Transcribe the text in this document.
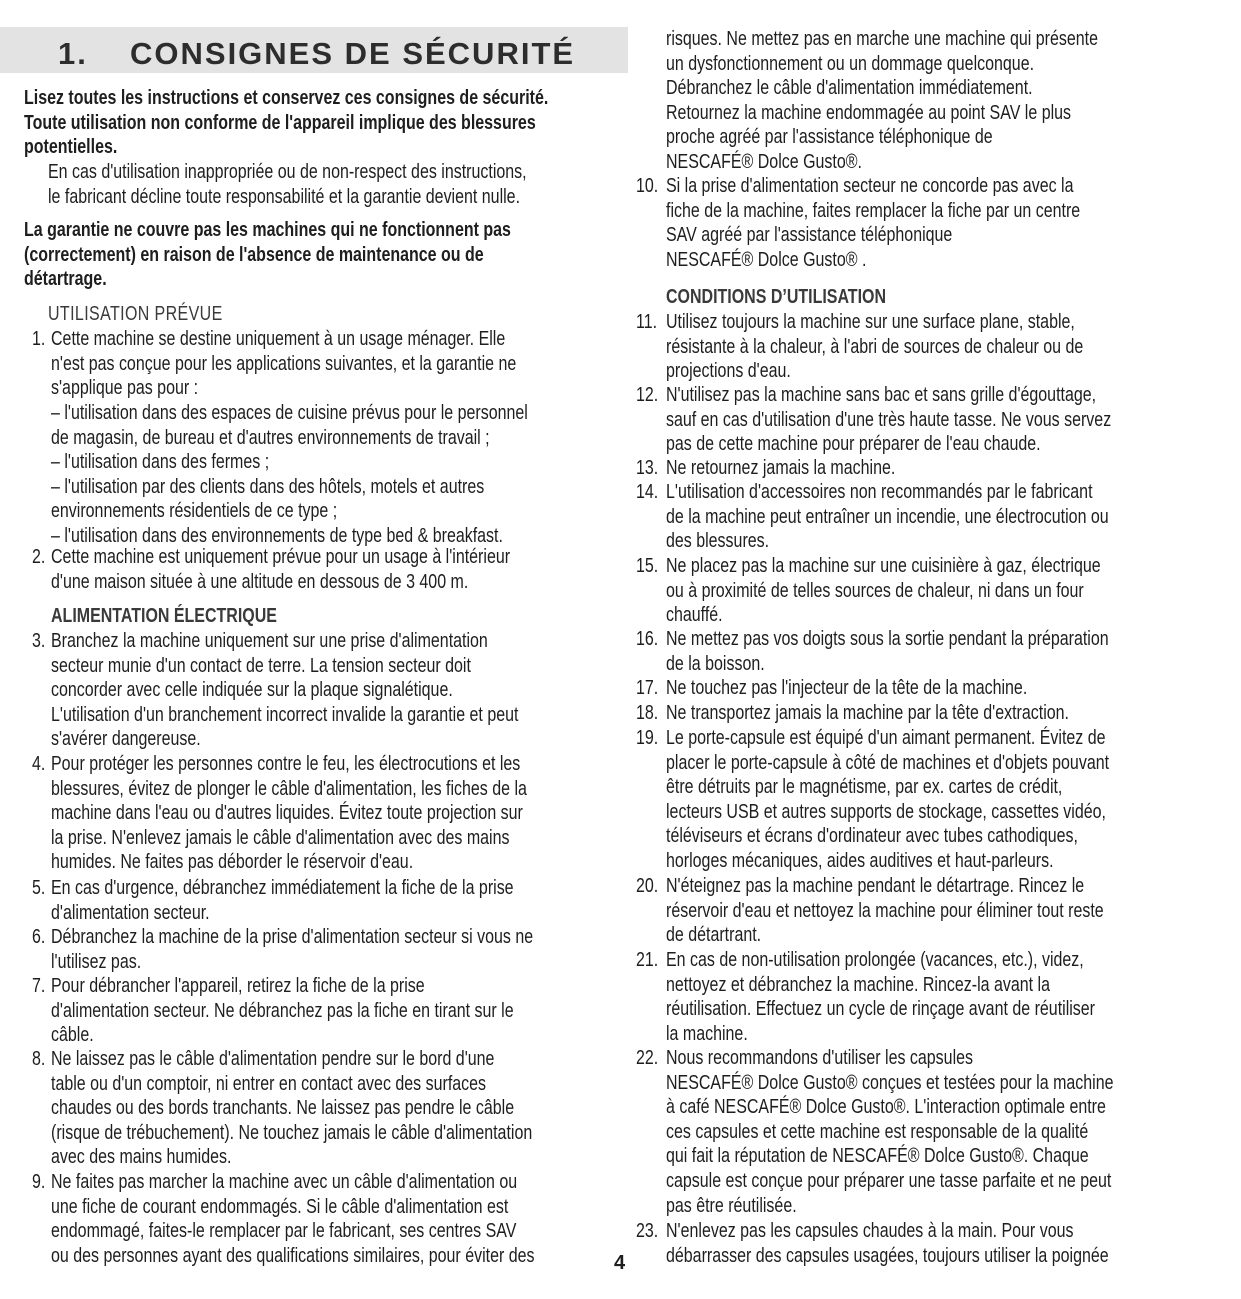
1. CONSIGNES DE SÉCURITÉ
Lisez toutes les instructions et conservez ces consignes de sécurité.
Toute utilisation non conforme de l'appareil implique des blessures
potentielles.
En cas d'utilisation inappropriée ou de non-respect des instructions,
le fabricant décline toute responsabilité et la garantie devient nulle.
La garantie ne couvre pas les machines qui ne fonctionnent pas
(correctement) en raison de l'absence de maintenance ou de
détartrage.
UTILISATION PRÉVUE
1. Cette machine se destine uniquement à un usage ménager. Elle
n'est pas conçue pour les applications suivantes, et la garantie ne
s'applique pas pour :
– l'utilisation dans des espaces de cuisine prévus pour le personnel
de magasin, de bureau et d'autres environnements de travail ;
– l'utilisation dans des fermes ;
– l'utilisation par des clients dans des hôtels, motels et autres
environnements résidentiels de ce type ;
– l'utilisation dans des environnements de type bed & breakfast.
2. Cette machine est uniquement prévue pour un usage à l'intérieur
d'une maison située à une altitude en dessous de 3 400 m.
ALIMENTATION ÉLECTRIQUE
3. Branchez la machine uniquement sur une prise d'alimentation
secteur munie d'un contact de terre. La tension secteur doit
concorder avec celle indiquée sur la plaque signalétique.
L'utilisation d'un branchement incorrect invalide la garantie et peut
s'avérer dangereuse.
4. Pour protéger les personnes contre le feu, les électrocutions et les
blessures, évitez de plonger le câble d'alimentation, les fiches de la
machine dans l'eau ou d'autres liquides. Évitez toute projection sur
la prise. N'enlevez jamais le câble d'alimentation avec des mains
humides. Ne faites pas déborder le réservoir d'eau.
5. En cas d'urgence, débranchez immédiatement la fiche de la prise
d'alimentation secteur.
6. Débranchez la machine de la prise d'alimentation secteur si vous ne
l'utilisez pas.
7. Pour débrancher l'appareil, retirez la fiche de la prise
d'alimentation secteur. Ne débranchez pas la fiche en tirant sur le
câble.
8. Ne laissez pas le câble d'alimentation pendre sur le bord d'une
table ou d'un comptoir, ni entrer en contact avec des surfaces
chaudes ou des bords tranchants. Ne laissez pas pendre le câble
(risque de trébuchement). Ne touchez jamais le câble d'alimentation
avec des mains humides.
9. Ne faites pas marcher la machine avec un câble d'alimentation ou
une fiche de courant endommagés. Si le câble d'alimentation est
endommagé, faites-le remplacer par le fabricant, ses centres SAV
ou des personnes ayant des qualifications similaires, pour éviter des
risques. Ne mettez pas en marche une machine qui présente
un dysfonctionnement ou un dommage quelconque.
Débranchez le câble d'alimentation immédiatement.
Retournez la machine endommagée au point SAV le plus
proche agréé par l'assistance téléphonique de
NESCAFÉ® Dolce Gusto®.
10. Si la prise d'alimentation secteur ne concorde pas avec la
fiche de la machine, faites remplacer la fiche par un centre
SAV agréé par l'assistance téléphonique
NESCAFÉ® Dolce Gusto® .
CONDITIONS D’UTILISATION
11. Utilisez toujours la machine sur une surface plane, stable,
résistante à la chaleur, à l'abri de sources de chaleur ou de
projections d'eau.
12. N'utilisez pas la machine sans bac et sans grille d'égouttage,
sauf en cas d'utilisation d'une très haute tasse. Ne vous servez
pas de cette machine pour préparer de l'eau chaude.
13. Ne retournez jamais la machine.
14. L'utilisation d'accessoires non recommandés par le fabricant
de la machine peut entraîner un incendie, une électrocution ou
des blessures.
15. Ne placez pas la machine sur une cuisinière à gaz, électrique
ou à proximité de telles sources de chaleur, ni dans un four
chauffé.
16. Ne mettez pas vos doigts sous la sortie pendant la préparation
de la boisson.
17. Ne touchez pas l'injecteur de la tête de la machine.
18. Ne transportez jamais la machine par la tête d'extraction.
19. Le porte-capsule est équipé d'un aimant permanent. Évitez de
placer le porte-capsule à côté de machines et d'objets pouvant
être détruits par le magnétisme, par ex. cartes de crédit,
lecteurs USB et autres supports de stockage, cassettes vidéo,
téléviseurs et écrans d'ordinateur avec tubes cathodiques,
horloges mécaniques, aides auditives et haut-parleurs.
20. N'éteignez pas la machine pendant le détartrage. Rincez le
réservoir d'eau et nettoyez la machine pour éliminer tout reste
de détartrant.
21. En cas de non-utilisation prolongée (vacances, etc.), videz,
nettoyez et débranchez la machine. Rincez-la avant la
réutilisation. Effectuez un cycle de rinçage avant de réutiliser
la machine.
22. Nous recommandons d'utiliser les capsules
NESCAFÉ® Dolce Gusto® conçues et testées pour la machine
à café NESCAFÉ® Dolce Gusto®. L'interaction optimale entre
ces capsules et cette machine est responsable de la qualité
qui fait la réputation de NESCAFÉ® Dolce Gusto®. Chaque
capsule est conçue pour préparer une tasse parfaite et ne peut
pas être réutilisée.
23. N'enlevez pas les capsules chaudes à la main. Pour vous
débarrasser des capsules usagées, toujours utiliser la poignée
4
